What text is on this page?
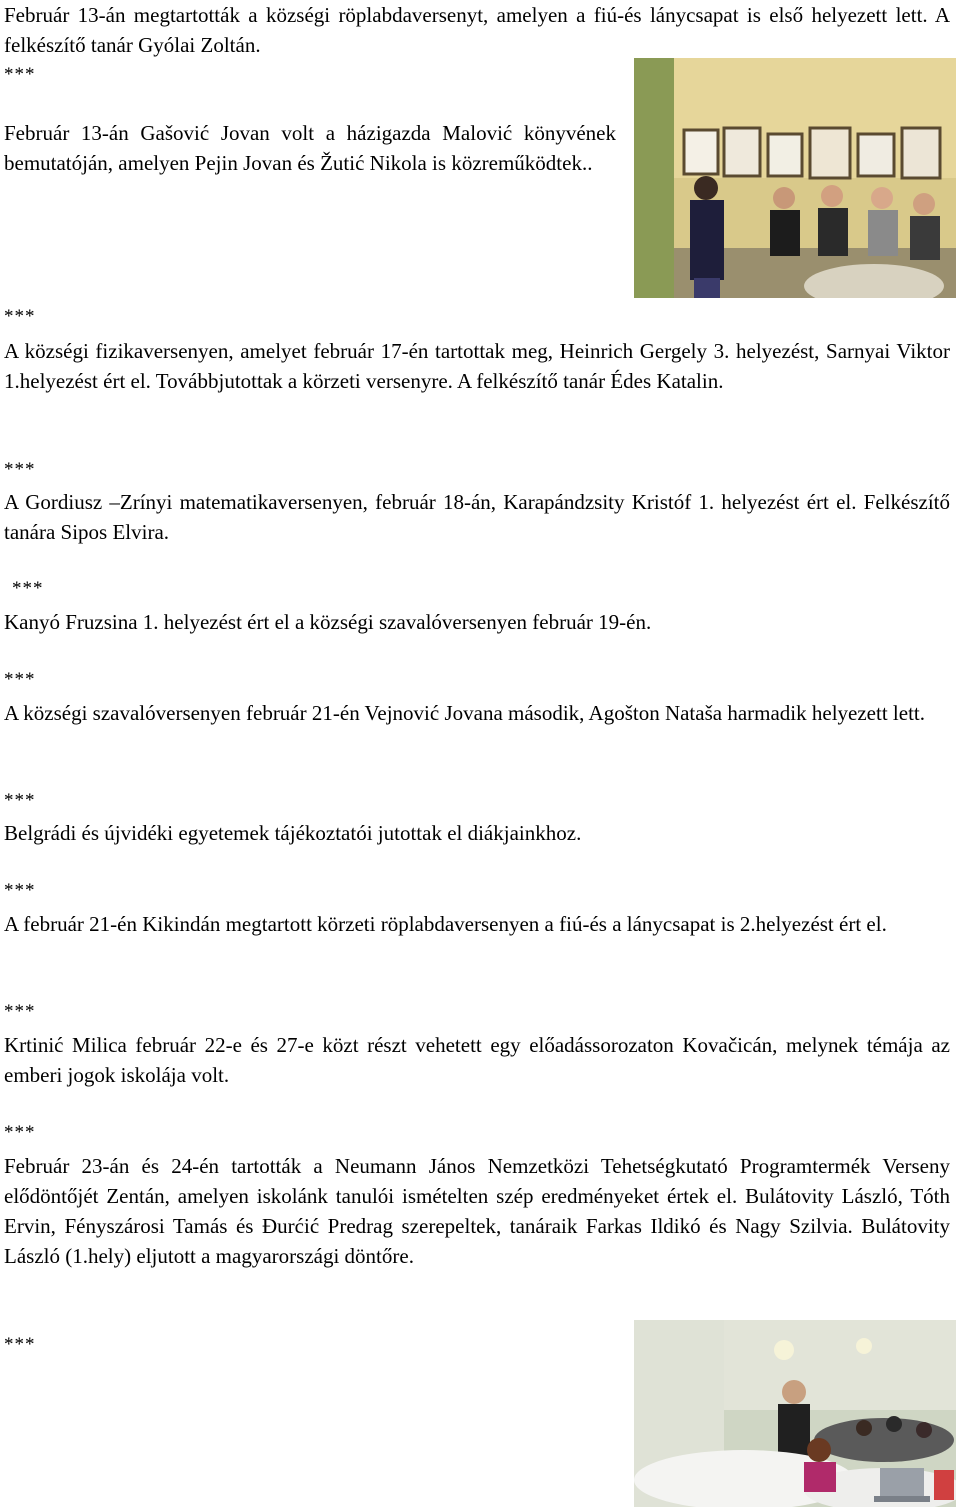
Február 13-án megtartották a községi röplabdaversenyt, amelyen a fiú-és lánycsapat is első helyezett lett. A felkészítő tanár Gyólai Zoltán.

***

Február 13-án Gašović Jovan volt a házigazda Malović könyvének bemutatóján, amelyen Pejin Jovan és Žutić Nikola is közreműködtek..

***

A községi fizikaversenyen, amelyet február 17-én tartottak meg, Heinrich Gergely 3. helyezést, Sarnyai Viktor 1.helyezést ért el. Továbbjutottak a körzeti versenyre. A felkészítő tanár Édes Katalin.

***

A Gordiusz –Zrínyi matematikaversenyen, február 18-án, Karapándzsity Kristóf 1. helyezést ért el. Felkészítő tanára Sipos Elvira.

***

Kanyó Fruzsina 1. helyezést ért el a községi szavalóversenyen február 19-én.

***

A községi szavalóversenyen február 21-én Vejnović Jovana második, Agošton Nataša harmadik helyezett lett.

***

Belgrádi és újvidéki egyetemek tájékoztatói jutottak el diákjainkhoz.

***

A február 21-én Kikindán megtartott körzeti röplabdaversenyen a fiú-és a lánycsapat is 2.helyezést ért el.

***

Krtinić Milica február 22-e és 27-e közt részt vehetett egy előadássorozaton Kovačicán, melynek témája az emberi jogok iskolája volt.

***

Február 23-án és 24-én tartották a Neumann János Nemzetközi Tehetségkutató Programtermék Verseny elődöntőjét Zentán, amelyen iskolánk tanulói ismételten szép eredményeket értek el. Bulátovity László, Tóth Ervin, Fényszárosi Tamás és Đurćić Predrag szerepeltek, tanáraik Farkas Ildikó és Nagy Szilvia. Bulátovity László (1.hely) eljutott a magyarországi döntőre.

***
